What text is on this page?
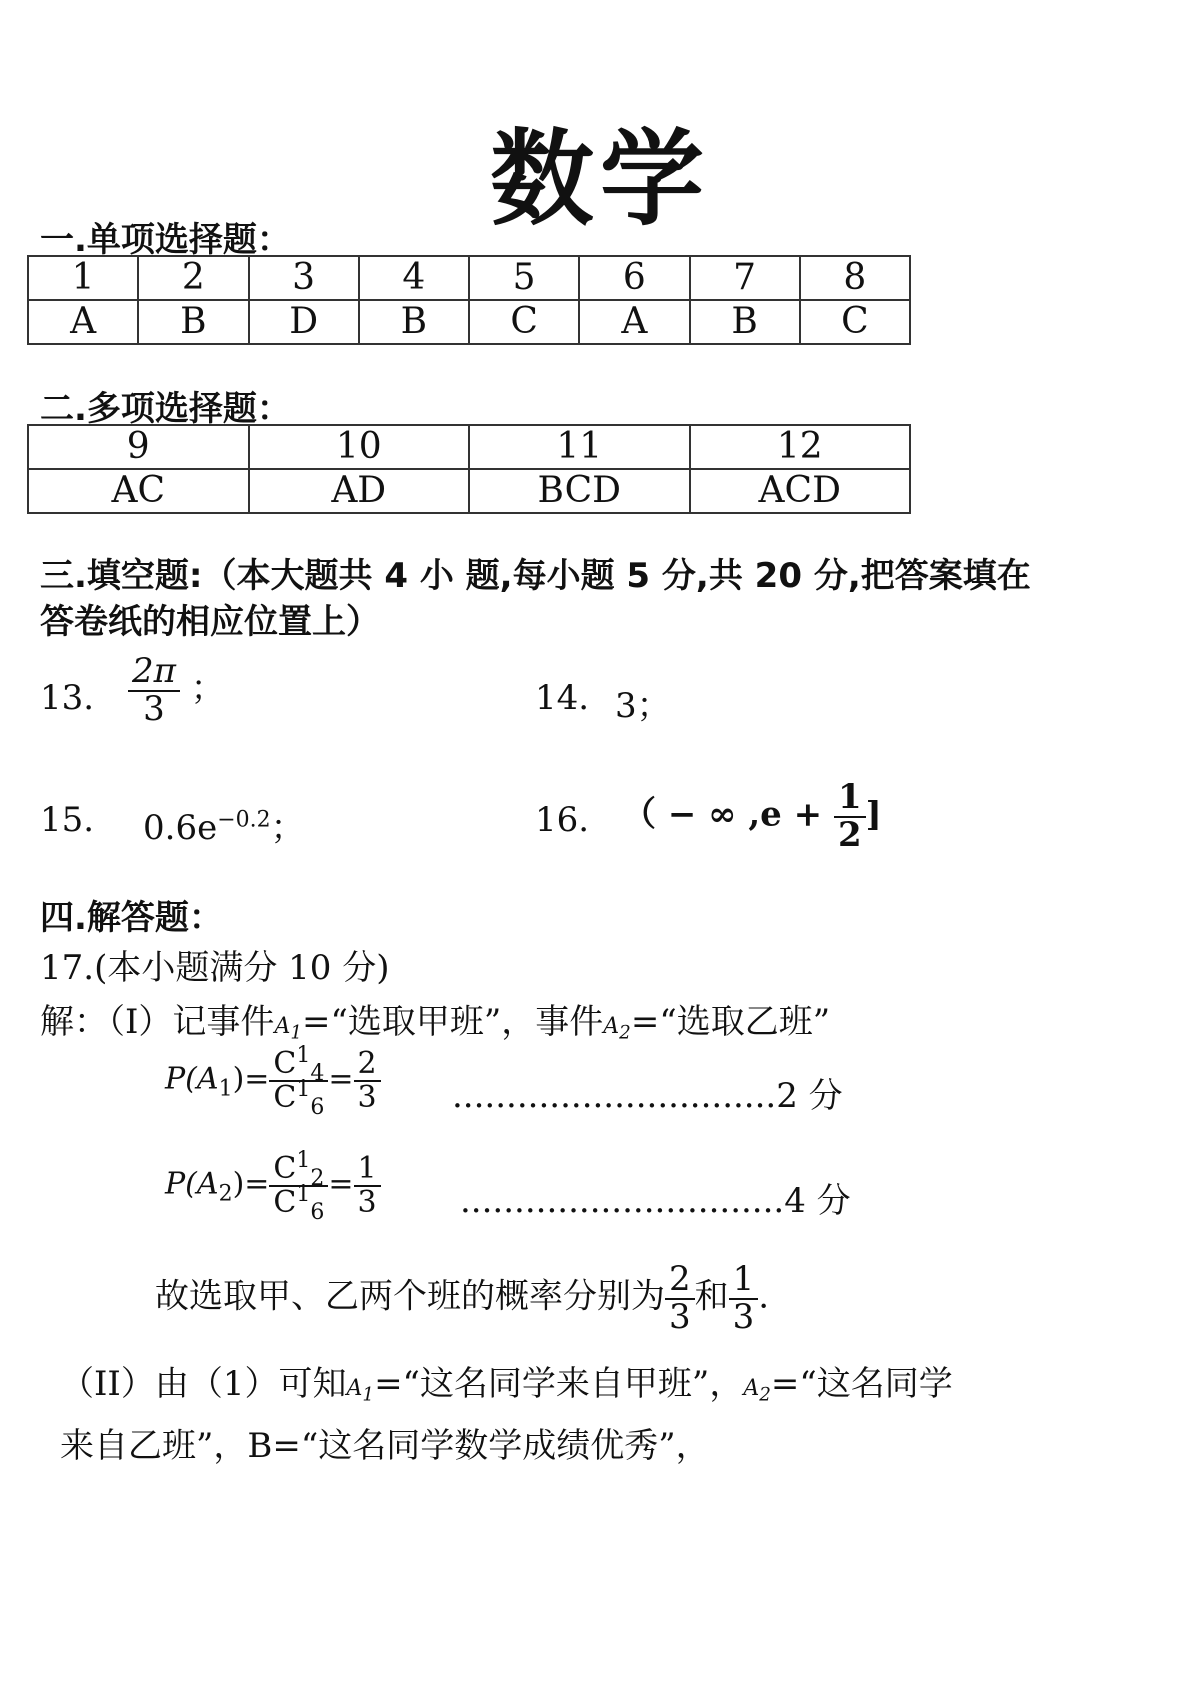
数学
一.单项选择题：
1	2	3	4	5	6	7	8
A	B	D	B	C	A	B	C
二.多项选择题：
9	10	11	12
AC	AD	BCD	ACD
三.填空题:（本大题共 4 小 题,每小题 5 分,共 20 分,把答案填在
答卷纸的相应位置上）
13. $\frac{2\pi}{3}$ ；	14. 3；
15. $0.6e^{-0.2}$；	16. （ − ∞ $,e + \frac{1}{2}$ ]
四.解答题：
17.(本小题满分 10 分)
解：（I）记事件$A_1=“$选取甲班”，事件$A_2=“$选取乙班”
$P(A_1)= \frac{C^1_4}{C^1_6} = \frac{2}{3} ..............................2$ 分
$P(A_2)= \frac{C^1_2}{C^1_6} = \frac{1}{3} ..............................4$ 分
故选取甲、乙两个班的概率分别为 $\frac{2}{3}$ 和 $\frac{1}{3}$ .
（II）由（1）可知$A_1=“$这名同学来自甲班”，$A_2=“$这名同学
来自乙班”，B=“这名同学数学成绩优秀”，
